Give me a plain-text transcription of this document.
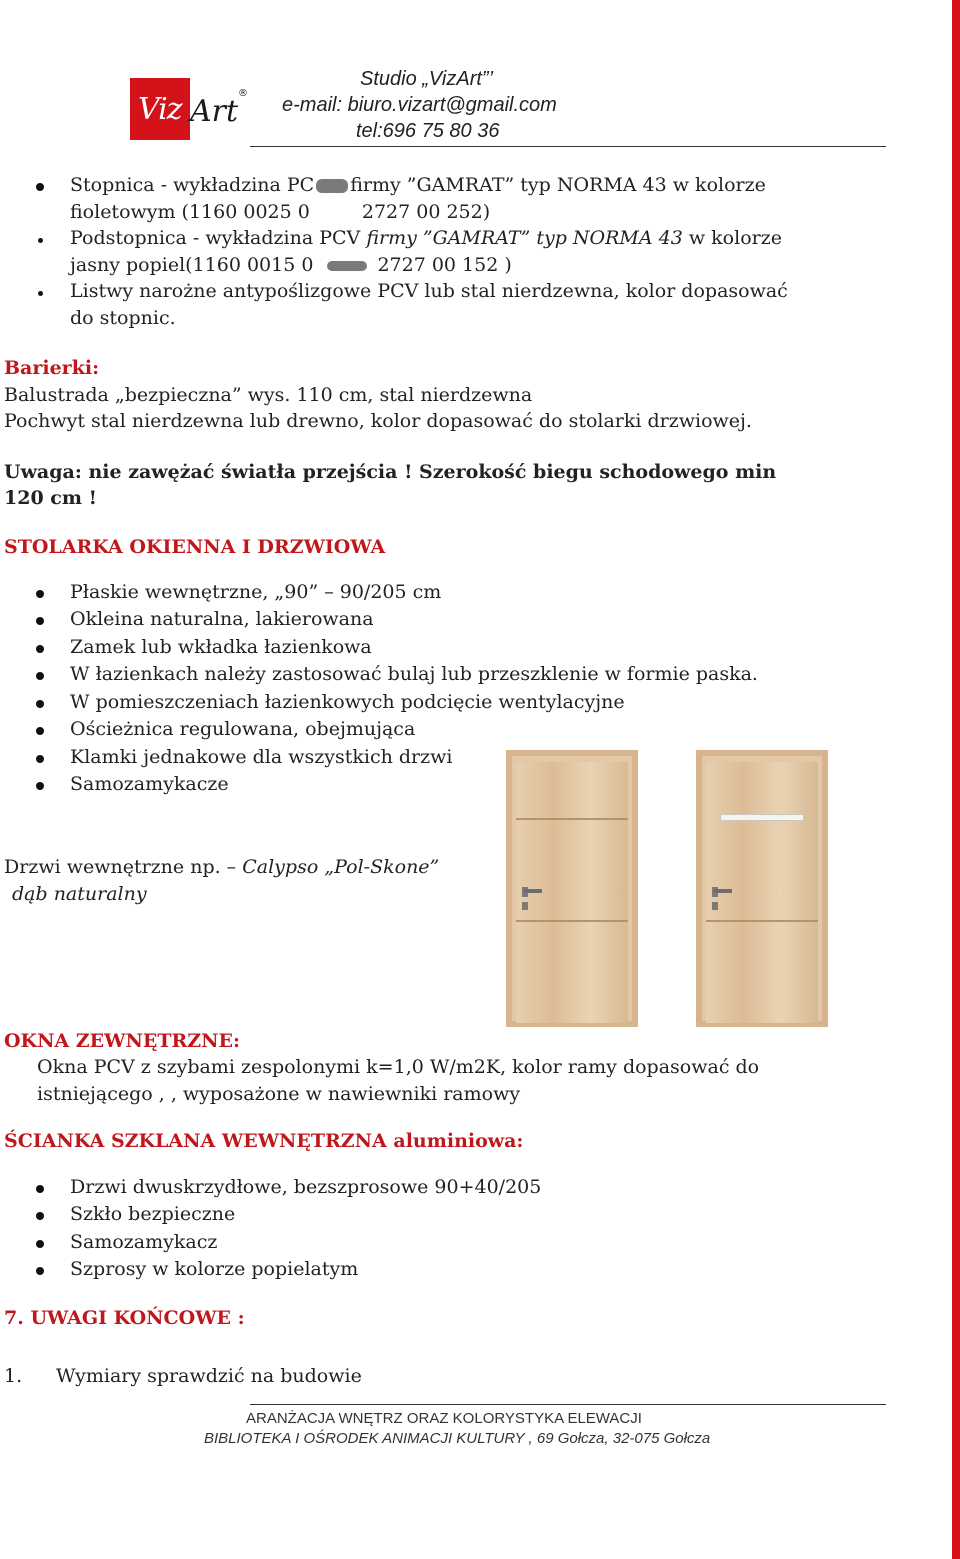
Viz Art
®
Studio „VizArt”’
e-mail: biuro.vizart@gmail.com
tel:696 75 80 36
Stopnica - wykładzina PC firmy ”GAMRAT” typ NORMA 43 w kolorze
fioletowym (1160 0025 0	2727 00 252)
Podstopnica - wykładzina PCV firmy ”GAMRAT” typ NORMA 43 w kolorze
jasny popiel(1160 0015 0	2727 00 152 )
Listwy narożne antypoślizgowe PCV lub stal nierdzewna, kolor dopasować
do stopnic.
Barierki:
Balustrada „bezpieczna” wys. 110 cm, stal nierdzewna
Pochwyt stal nierdzewna lub drewno, kolor dopasować do stolarki drzwiowej.
Uwaga: nie zawężać światła przejścia ! Szerokość biegu schodowego min
120 cm !
STOLARKA OKIENNA I DRZWIOWA
Płaskie wewnętrzne, „90” – 90/205 cm
Okleina naturalna, lakierowana
Zamek lub wkładka łazienkowa
W łazienkach należy zastosować bulaj lub przeszklenie w formie paska.
W pomieszczeniach łazienkowych podcięcie wentylacyjne
Ościeżnica regulowana, obejmująca
Klamki jednakowe dla wszystkich drzwi
Samozamykacze
Drzwi wewnętrzne np. – Calypso „Pol-Skone”
dąb naturalny
OKNA ZEWNĘTRZNE:
Okna PCV z szybami zespolonymi k=1,0 W/m2K, kolor ramy dopasować do
istniejącego , , wyposażone w nawiewniki ramowy
ŚCIANKA SZKLANA WEWNĘTRZNA aluminiowa:
Drzwi dwuskrzydłowe, bezszprosowe 90+40/205
Szkło bezpieczne
Samozamykacz
Szprosy w kolorze popielatym
7. UWAGI KOŃCOWE :
1. Wymiary sprawdzić na budowie
ARANŻACJA WNĘTRZ ORAZ KOLORYSTYKA ELEWACJI
BIBLIOTEKA I OŚRODEK ANIMACJI KULTURY , 69 Gołcza, 32-075 Gołcza
